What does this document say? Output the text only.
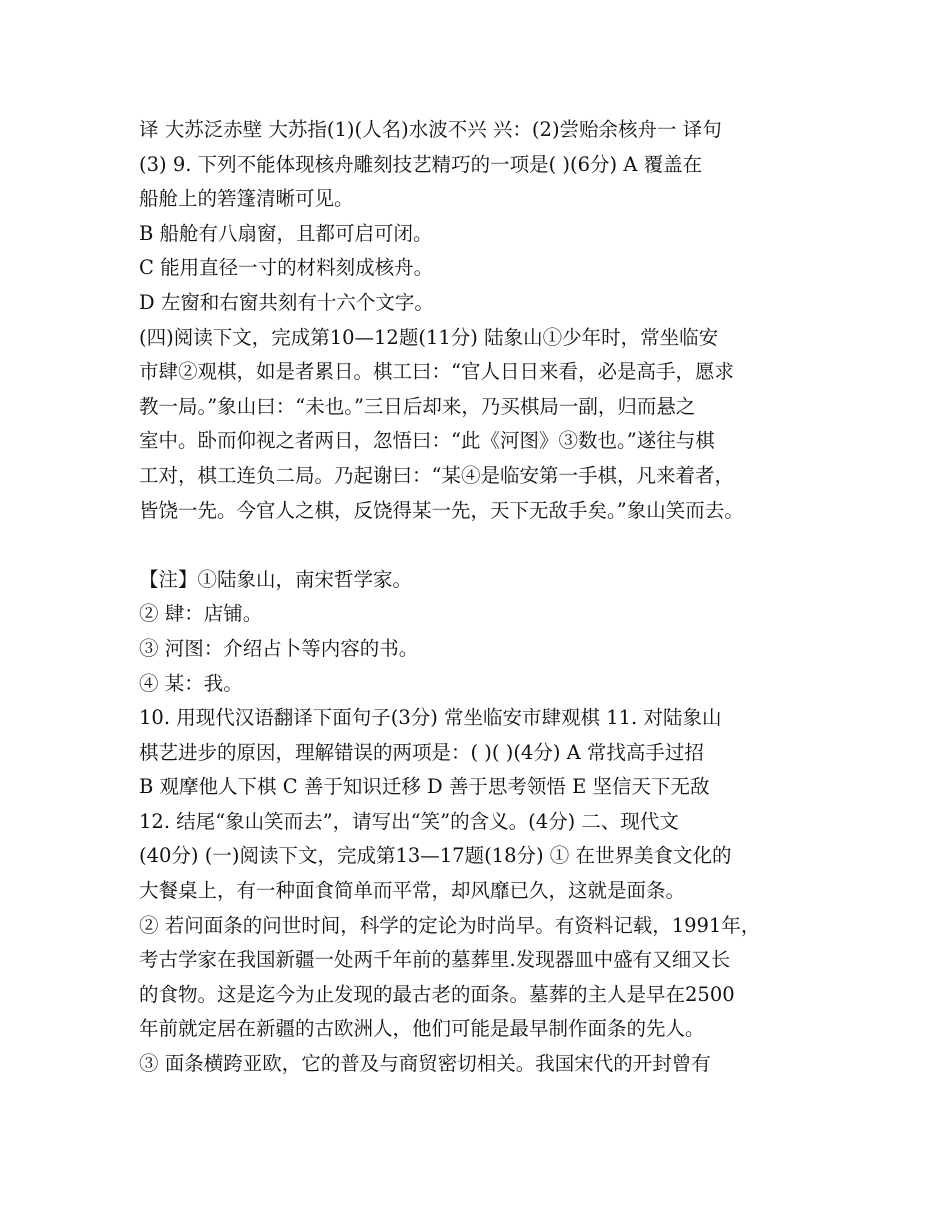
译 大苏泛赤壁 大苏指(1)(人名)水波不兴 兴：(2)尝贻余核舟一 译句
(3) 9. 下列不能体现核舟雕刻技艺精巧的一项是( )(6分) A 覆盖在
船舱上的箬篷清晰可见。
B 船舱有八扇窗，且都可启可闭。
C 能用直径一寸的材料刻成核舟。
D 左窗和右窗共刻有十六个文字。
(四)阅读下文，完成第10—12题(11分) 陆象山①少年时，常坐临安
市肆②观棋，如是者累日。棋工曰：“官人日日来看，必是高手，愿求
教一局。”象山曰：“未也。”三日后却来，乃买棋局一副，归而悬之
室中。卧而仰视之者两日，忽悟曰：“此《河图》③数也。”遂往与棋
工对，棋工连负二局。乃起谢曰：“某④是临安第一手棋，凡来着者，
皆饶一先。今官人之棋，反饶得某一先，天下无敌手矣。”象山笑而去。
【注】①陆象山，南宋哲学家。
② 肆：店铺。
③ 河图：介绍占卜等内容的书。
④ 某：我。
10. 用现代汉语翻译下面句子(3分) 常坐临安市肆观棋 11. 对陆象山
棋艺进步的原因，理解错误的两项是：( )( )(4分) A 常找高手过招
B 观摩他人下棋 C 善于知识迁移 D 善于思考领悟 E 坚信天下无敌
12. 结尾“象山笑而去”，请写出“笑”的含义。(4分) 二、现代文
(40分) (一)阅读下文，完成第13—17题(18分) ① 在世界美食文化的
大餐桌上，有一种面食简单而平常，却风靡已久，这就是面条。
② 若问面条的问世时间，科学的定论为时尚早。有资料记载，1991年，
考古学家在我国新疆一处两千年前的墓葬里.发现器皿中盛有又细又长
的食物。这是迄今为止发现的最古老的面条。墓葬的主人是早在2500
年前就定居在新疆的古欧洲人，他们可能是最早制作面条的先人。
③ 面条横跨亚欧，它的普及与商贸密切相关。我国宋代的开封曾有
